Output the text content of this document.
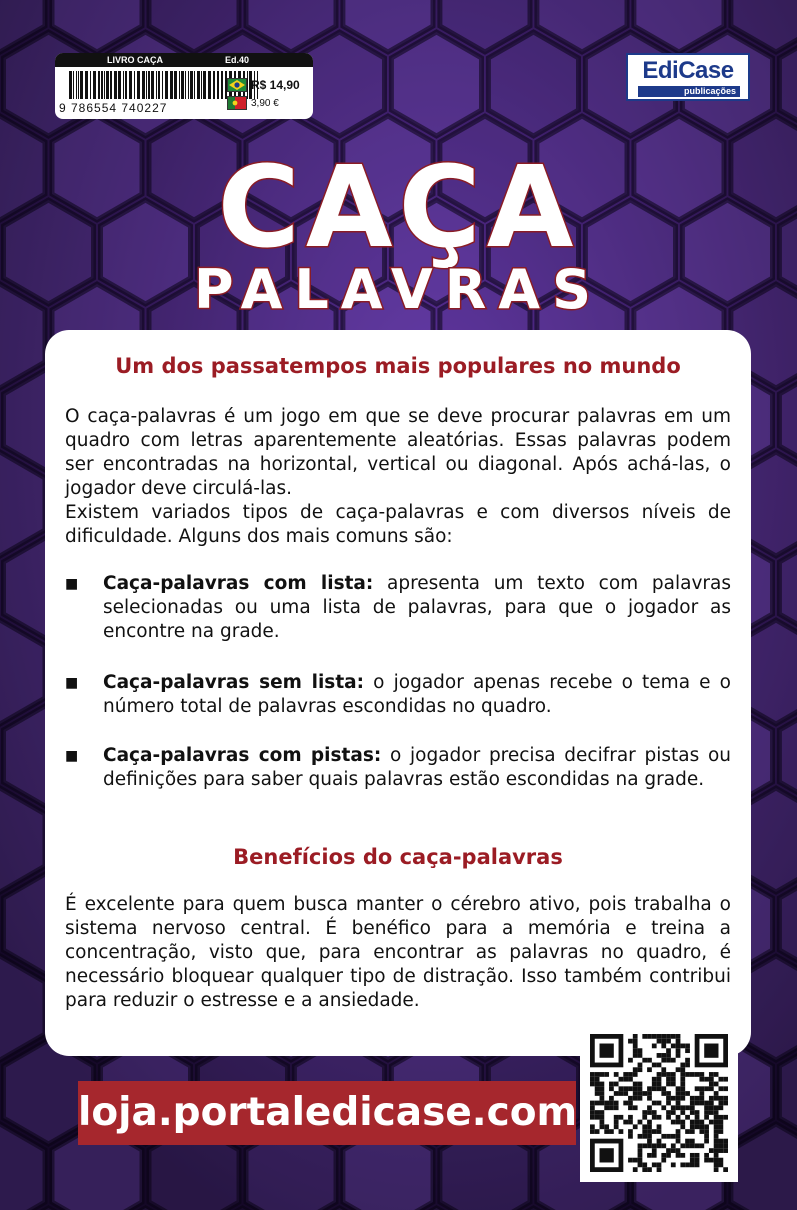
LIVRO CAÇA	Ed.40
9 786554 740227
R$ 14,90
3,90 €
EdiCase
publicações
CAÇA
PALAVRAS
Um dos passatempos mais populares no mundo

O caça-palavras é um jogo em que se deve procurar palavras em um quadro com letras aparentemente aleatórias. Essas palavras podem ser encontradas na horizontal, vertical ou diagonal. Após achá-las, o jogador deve circulá-las.

Existem variados tipos de caça-palavras e com diversos níveis de dificuldade. Alguns dos mais comuns são:

■	Caça-palavras com lista: apresenta um texto com palavras selecionadas ou uma lista de palavras, para que o jogador as encontre na grade.
■	Caça-palavras sem lista: o jogador apenas recebe o tema e o número total de palavras escondidas no quadro.
■	Caça-palavras com pistas: o jogador precisa decifrar pistas ou definições para saber quais palavras estão escondidas na grade.
Benefícios do caça-palavras

É excelente para quem busca manter o cérebro ativo, pois trabalha o sistema nervoso central. É benéfico para a memória e treina a concentração, visto que, para encontrar as palavras no quadro, é necessário bloquear qualquer tipo de distração. Isso também contribui para reduzir o estresse e a ansiedade.

loja.portaledicase.com
